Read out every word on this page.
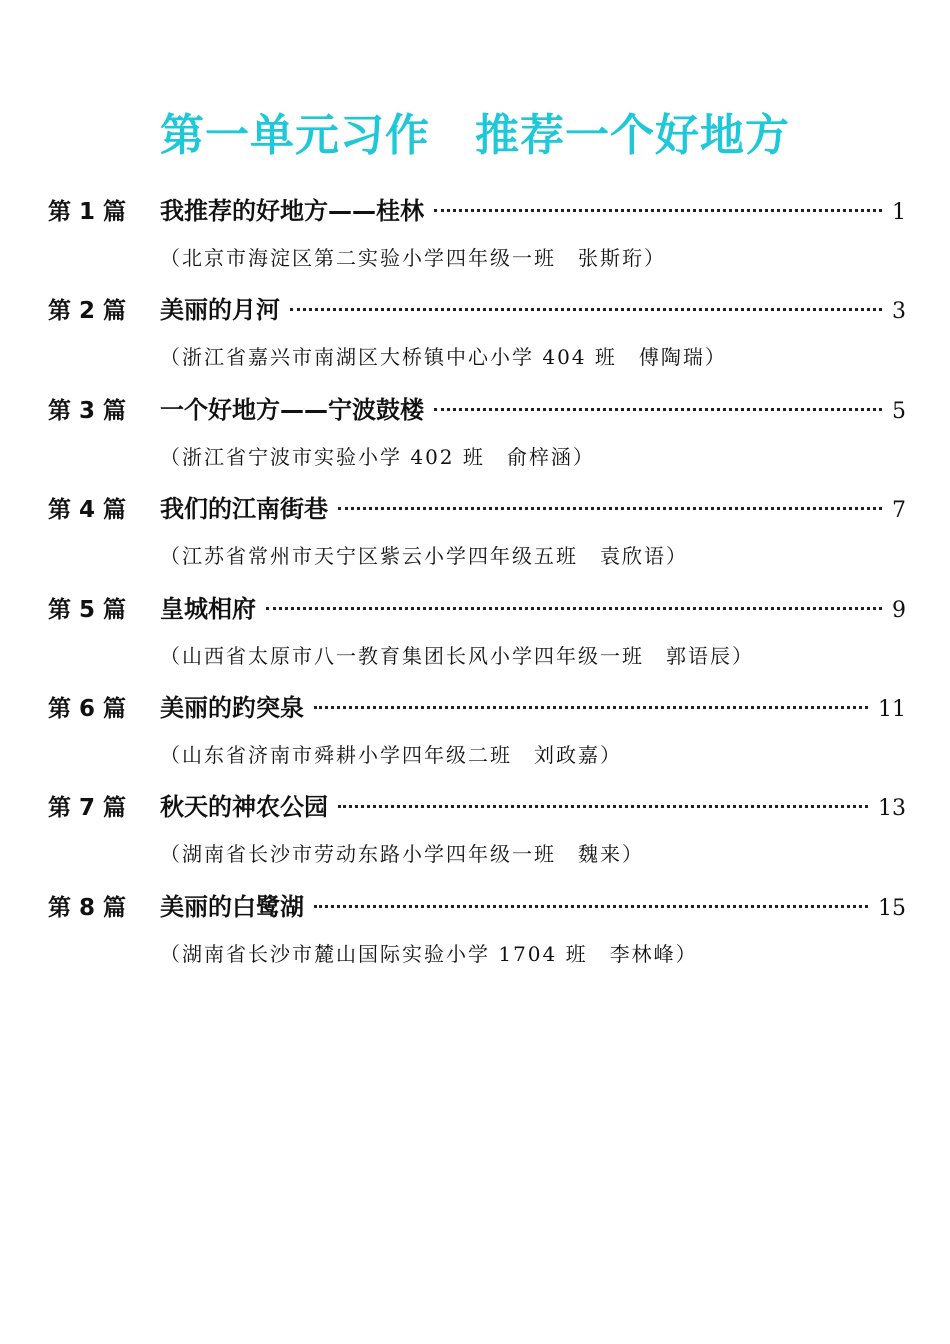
第一单元习作　推荐一个好地方
第 1 篇	我推荐的好地方——桂林	1
（北京市海淀区第二实验小学四年级一班　张斯珩）
第 2 篇	美丽的月河	3
（浙江省嘉兴市南湖区大桥镇中心小学 404 班　傅陶瑞）
第 3 篇	一个好地方——宁波鼓楼	5
（浙江省宁波市实验小学 402 班　俞梓涵）
第 4 篇	我们的江南街巷	7
（江苏省常州市天宁区紫云小学四年级五班　袁欣语）
第 5 篇	皇城相府	9
（山西省太原市八一教育集团长风小学四年级一班　郭语辰）
第 6 篇	美丽的趵突泉	11
（山东省济南市舜耕小学四年级二班　刘政嘉）
第 7 篇	秋天的神农公园	13
（湖南省长沙市劳动东路小学四年级一班　魏来）
第 8 篇	美丽的白鹭湖	15
（湖南省长沙市麓山国际实验小学 1704 班　李林峰）
